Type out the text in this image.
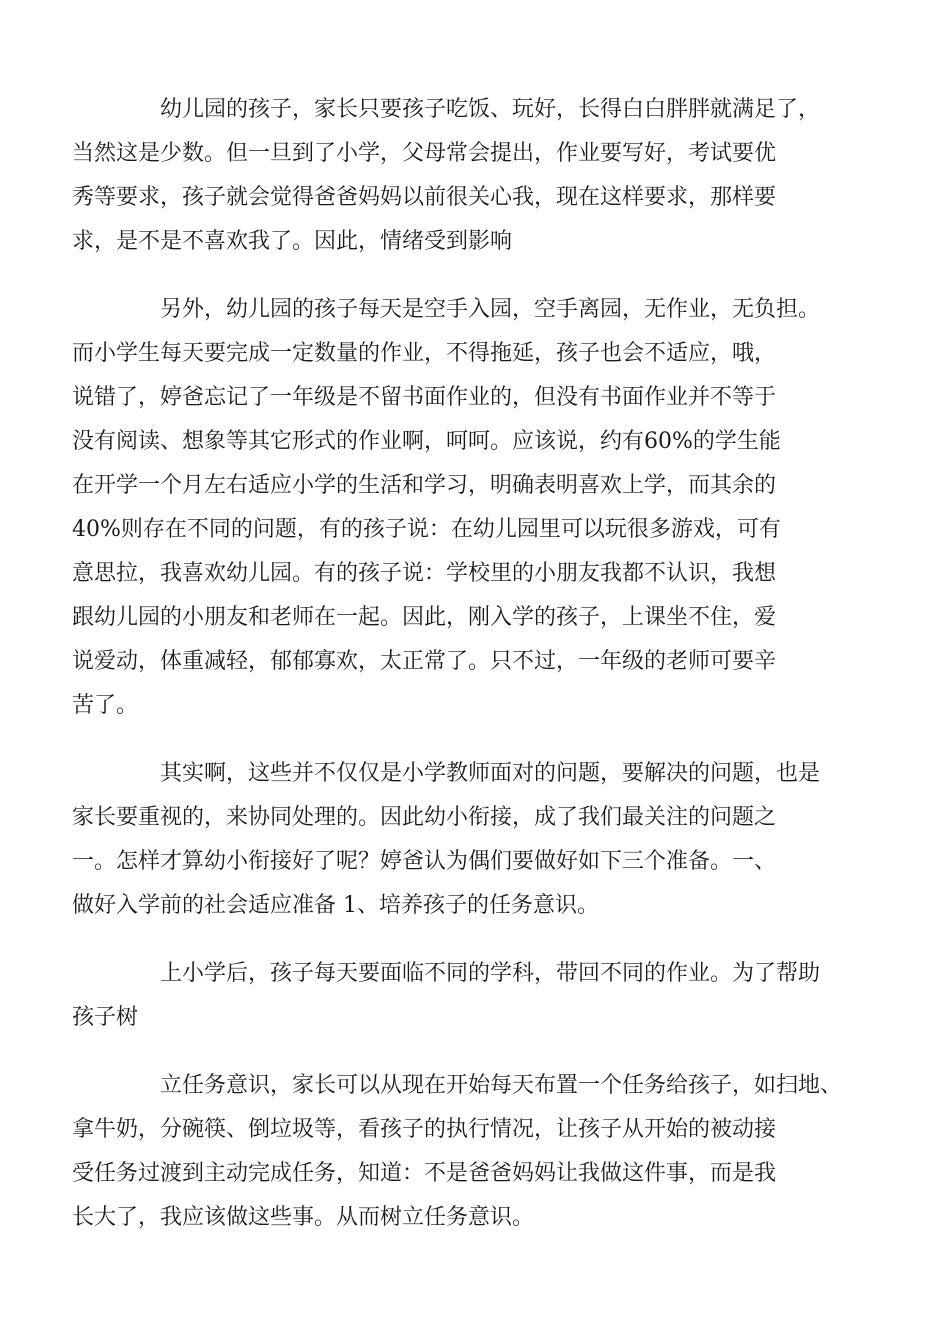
幼儿园的孩子，家长只要孩子吃饭、玩好，长得白白胖胖就满足了，
当然这是少数。但一旦到了小学，父母常会提出，作业要写好，考试要优
秀等要求，孩子就会觉得爸爸妈妈以前很关心我，现在这样要求，那样要
求，是不是不喜欢我了。因此，情绪受到影响

另外，幼儿园的孩子每天是空手入园，空手离园，无作业，无负担。
而小学生每天要完成一定数量的作业，不得拖延，孩子也会不适应，哦，
说错了，婷爸忘记了一年级是不留书面作业的，但没有书面作业并不等于
没有阅读、想象等其它形式的作业啊，呵呵。应该说，约有60%的学生能
在开学一个月左右适应小学的生活和学习，明确表明喜欢上学，而其余的
40%则存在不同的问题，有的孩子说：在幼儿园里可以玩很多游戏，可有
意思拉，我喜欢幼儿园。有的孩子说：学校里的小朋友我都不认识，我想
跟幼儿园的小朋友和老师在一起。因此，刚入学的孩子，上课坐不住，爱
说爱动，体重减轻，郁郁寡欢，太正常了。只不过，一年级的老师可要辛
苦了。

其实啊，这些并不仅仅是小学教师面对的问题，要解决的问题，也是
家长要重视的，来协同处理的。因此幼小衔接，成了我们最关注的问题之
一。怎样才算幼小衔接好了呢？婷爸认为偶们要做好如下三个准备。一、
做好入学前的社会适应准备 1、培养孩子的任务意识。

上小学后，孩子每天要面临不同的学科，带回不同的作业。为了帮助
孩子树

立任务意识，家长可以从现在开始每天布置一个任务给孩子，如扫地、
拿牛奶，分碗筷、倒垃圾等，看孩子的执行情况，让孩子从开始的被动接
受任务过渡到主动完成任务，知道：不是爸爸妈妈让我做这件事，而是我
长大了，我应该做这些事。从而树立任务意识。
